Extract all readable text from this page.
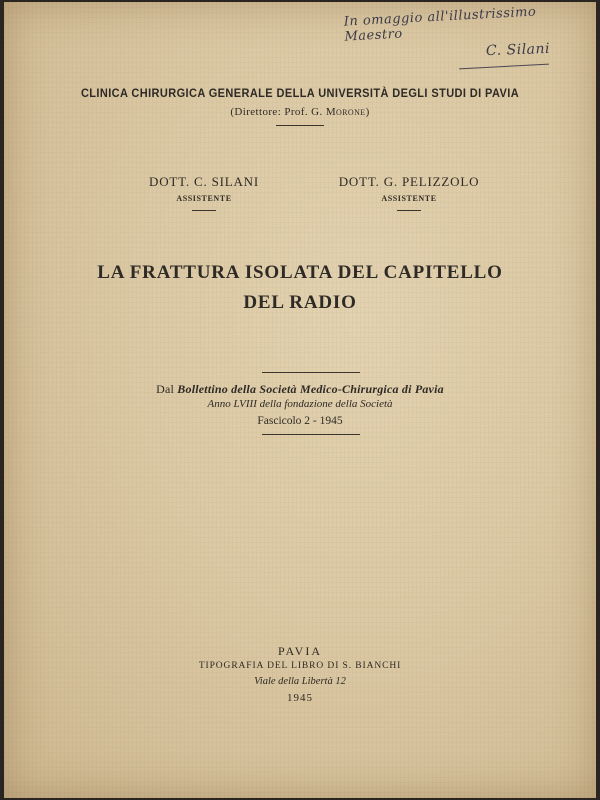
In omaggio all'illustrissimo Maestro
C. Silani
CLINICA CHIRURGICA GENERALE DELLA UNIVERSITÀ DEGLI STUDI DI PAVIA
(Direttore: Prof. G. Morone)
DOTT. C. SILANI
ASSISTENTE
DOTT. G. PELIZZOLO
ASSISTENTE
LA FRATTURA ISOLATA DEL CAPITELLO
DEL RADIO
Dal Bollettino della Società Medico-Chirurgica di Pavia
Anno LVIII della fondazione della Società
Fascicolo 2 - 1945
PAVIA
TIPOGRAFIA DEL LIBRO DI S. BIANCHI
Viale della Libertà 12
1945
